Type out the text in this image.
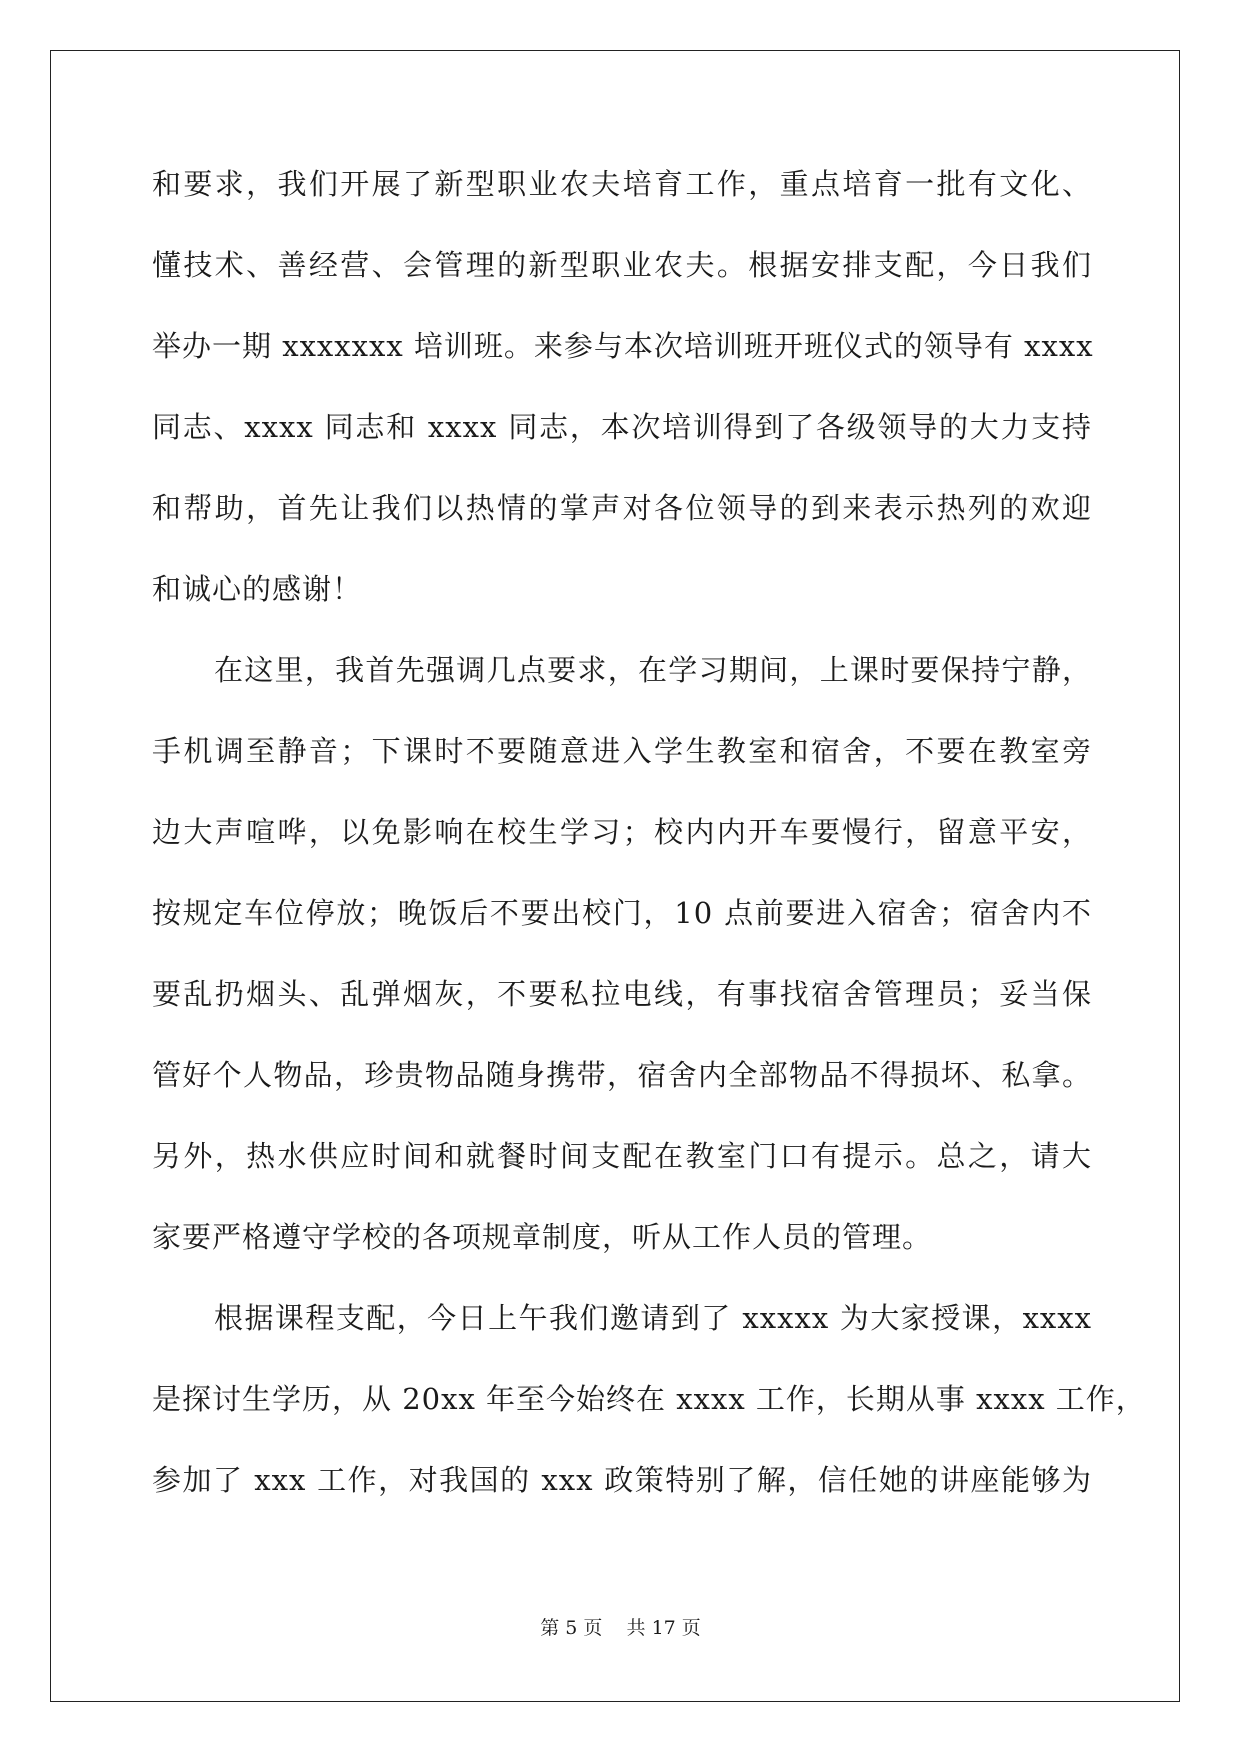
和要求，我们开展了新型职业农夫培育工作，重点培育一批有文化、
懂技术、善经营、会管理的新型职业农夫。根据安排支配，今日我们
举办一期 xxxxxxx 培训班。来参与本次培训班开班仪式的领导有 xxxx
同志、xxxx 同志和 xxxx 同志，本次培训得到了各级领导的大力支持
和帮助，首先让我们以热情的掌声对各位领导的到来表示热列的欢迎
和诚心的感谢！
在这里，我首先强调几点要求，在学习期间，上课时要保持宁静，
手机调至静音；下课时不要随意进入学生教室和宿舍，不要在教室旁
边大声喧哗，以免影响在校生学习；校内内开车要慢行，留意平安，
按规定车位停放；晚饭后不要出校门，10 点前要进入宿舍；宿舍内不
要乱扔烟头、乱弹烟灰，不要私拉电线，有事找宿舍管理员；妥当保
管好个人物品，珍贵物品随身携带，宿舍内全部物品不得损坏、私拿。
另外，热水供应时间和就餐时间支配在教室门口有提示。总之，请大
家要严格遵守学校的各项规章制度，听从工作人员的管理。
根据课程支配，今日上午我们邀请到了 xxxxx 为大家授课，xxxx
是探讨生学历，从 20xx 年至今始终在 xxxx 工作，长期从事 xxxx 工作，
参加了 xxx 工作，对我国的 xxx 政策特别了解，信任她的讲座能够为
第 5 页    共 17 页
